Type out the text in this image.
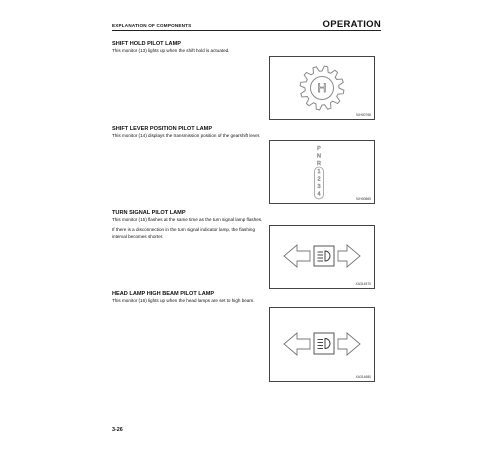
EXPLANATION OF COMPONENTS	OPERATION
SHIFT HOLD PILOT LAMP
This monitor (13) lights up when the shift hold is actuated.
H
9JH00768
SHIFT LEVER POSITION PILOT LAMP
This monitor (14) displays the transmission position of the gearshift lever.
P
N
R
1
2
3
4
9JH00869
TURN SIGNAL PILOT LAMP
This monitor (15) flashes at the same time as the turn signal lamp flashes.
If there is a disconnection in the turn signal indicator lamp, the flashing interval becomes shorter.
XA314570
HEAD LAMP HIGH BEAM PILOT LAMP
This monitor (16) lights up when the head lamps are set to high beam.
XA314680
3-26
